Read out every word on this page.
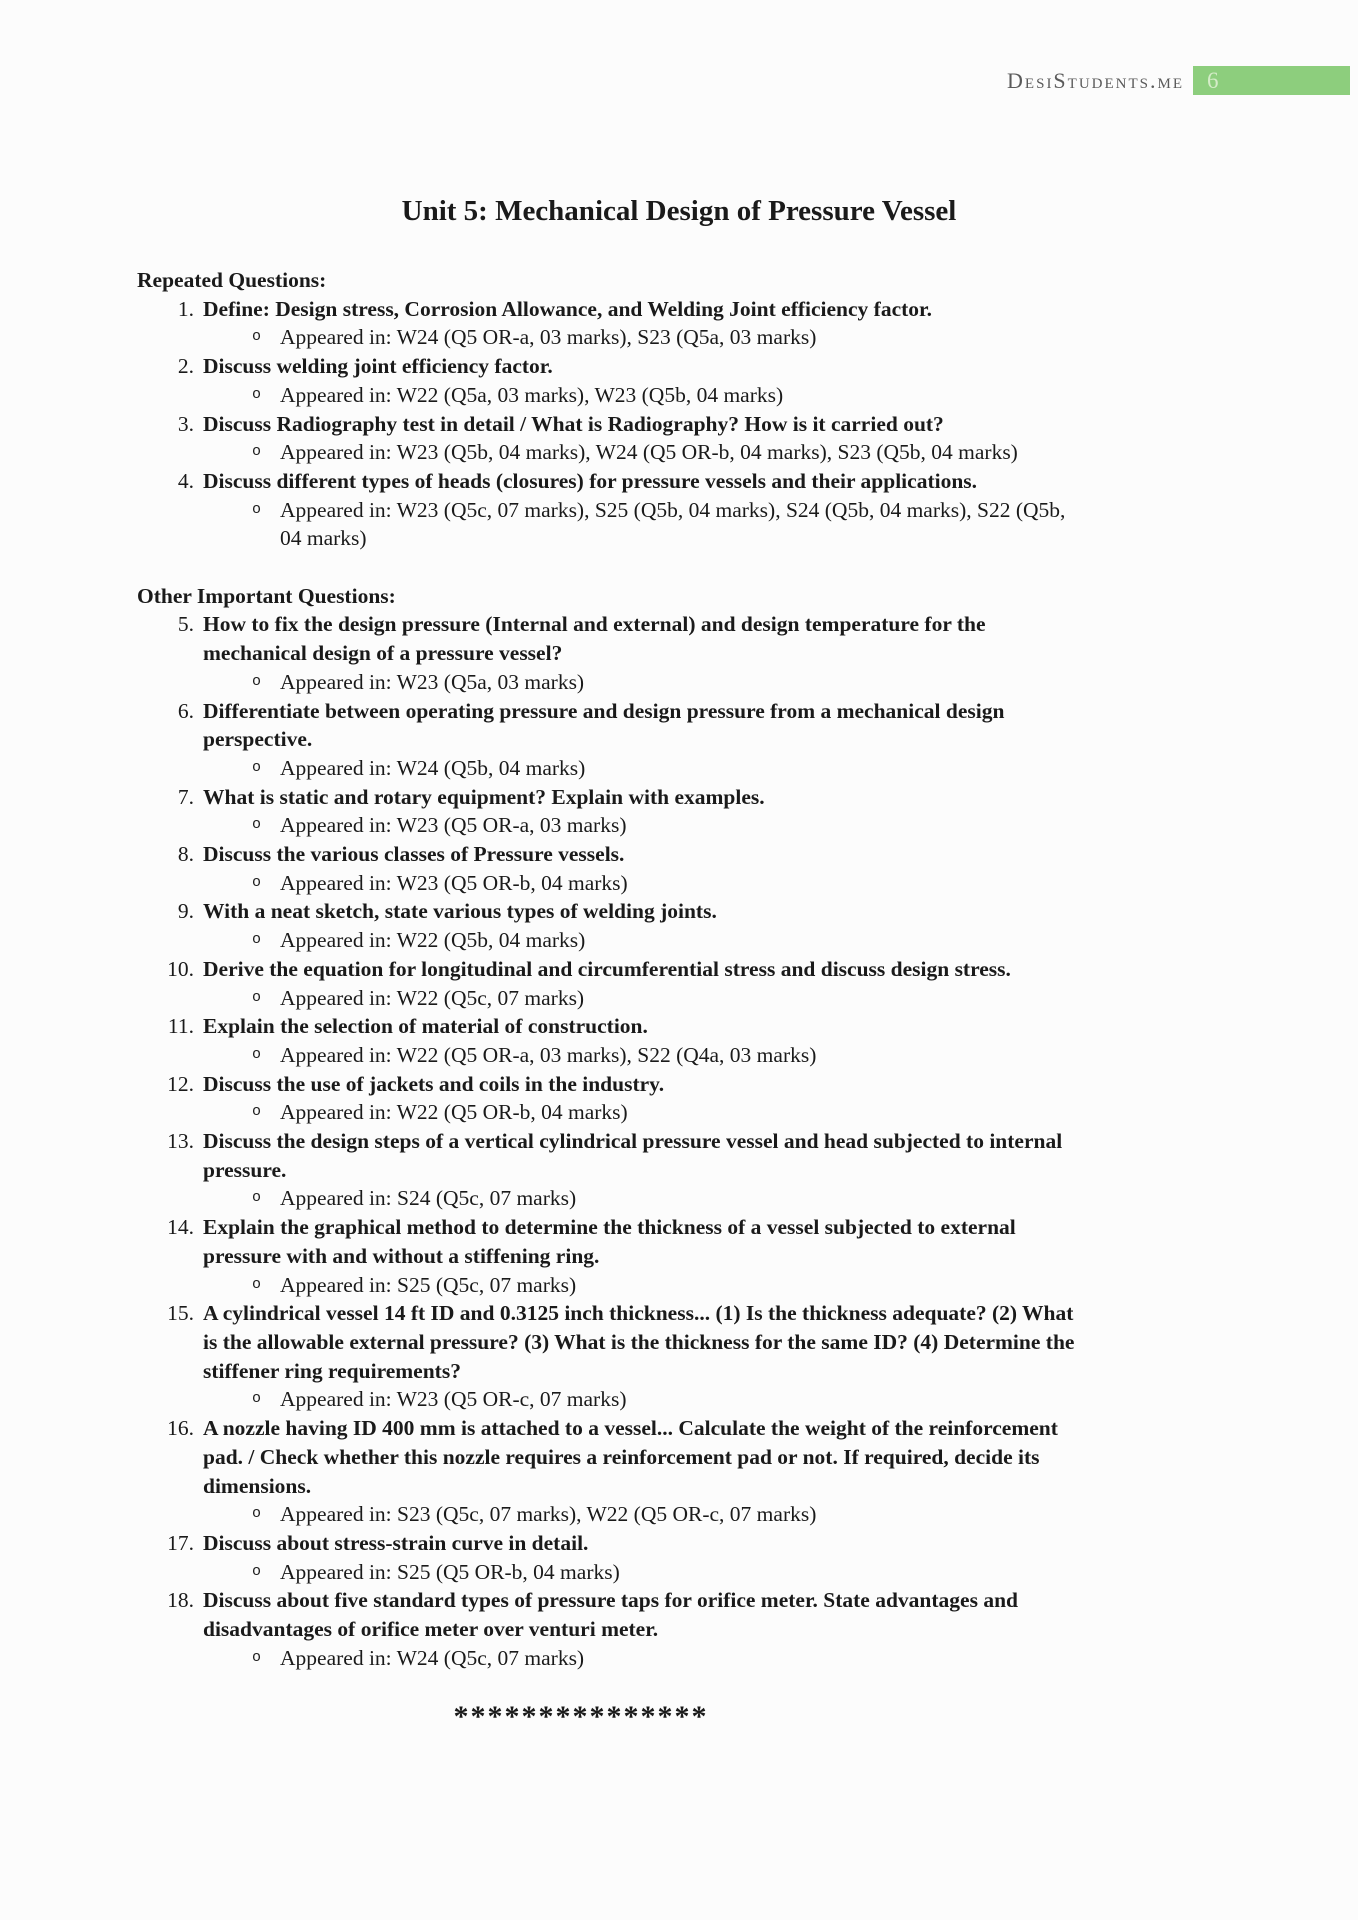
DesiStudents.me 6
Unit 5: Mechanical Design of Pressure Vessel
Repeated Questions:
1. Define: Design stress, Corrosion Allowance, and Welding Joint efficiency factor.
o Appeared in: W24 (Q5 OR-a, 03 marks), S23 (Q5a, 03 marks)
2. Discuss welding joint efficiency factor.
o Appeared in: W22 (Q5a, 03 marks), W23 (Q5b, 04 marks)
3. Discuss Radiography test in detail / What is Radiography? How is it carried out?
o Appeared in: W23 (Q5b, 04 marks), W24 (Q5 OR-b, 04 marks), S23 (Q5b, 04 marks)
4. Discuss different types of heads (closures) for pressure vessels and their applications.
o Appeared in: W23 (Q5c, 07 marks), S25 (Q5b, 04 marks), S24 (Q5b, 04 marks), S22 (Q5b, 04 marks)
Other Important Questions:
5. How to fix the design pressure (Internal and external) and design temperature for the mechanical design of a pressure vessel?
o Appeared in: W23 (Q5a, 03 marks)
6. Differentiate between operating pressure and design pressure from a mechanical design perspective.
o Appeared in: W24 (Q5b, 04 marks)
7. What is static and rotary equipment? Explain with examples.
o Appeared in: W23 (Q5 OR-a, 03 marks)
8. Discuss the various classes of Pressure vessels.
o Appeared in: W23 (Q5 OR-b, 04 marks)
9. With a neat sketch, state various types of welding joints.
o Appeared in: W22 (Q5b, 04 marks)
10. Derive the equation for longitudinal and circumferential stress and discuss design stress.
o Appeared in: W22 (Q5c, 07 marks)
11. Explain the selection of material of construction.
o Appeared in: W22 (Q5 OR-a, 03 marks), S22 (Q4a, 03 marks)
12. Discuss the use of jackets and coils in the industry.
o Appeared in: W22 (Q5 OR-b, 04 marks)
13. Discuss the design steps of a vertical cylindrical pressure vessel and head subjected to internal pressure.
o Appeared in: S24 (Q5c, 07 marks)
14. Explain the graphical method to determine the thickness of a vessel subjected to external pressure with and without a stiffening ring.
o Appeared in: S25 (Q5c, 07 marks)
15. A cylindrical vessel 14 ft ID and 0.3125 inch thickness... (1) Is the thickness adequate? (2) What is the allowable external pressure? (3) What is the thickness for the same ID? (4) Determine the stiffener ring requirements?
o Appeared in: W23 (Q5 OR-c, 07 marks)
16. A nozzle having ID 400 mm is attached to a vessel... Calculate the weight of the reinforcement pad. / Check whether this nozzle requires a reinforcement pad or not. If required, decide its dimensions.
o Appeared in: S23 (Q5c, 07 marks), W22 (Q5 OR-c, 07 marks)
17. Discuss about stress-strain curve in detail.
o Appeared in: S25 (Q5 OR-b, 04 marks)
18. Discuss about five standard types of pressure taps for orifice meter. State advantages and disadvantages of orifice meter over venturi meter.
o Appeared in: W24 (Q5c, 07 marks)
***************
